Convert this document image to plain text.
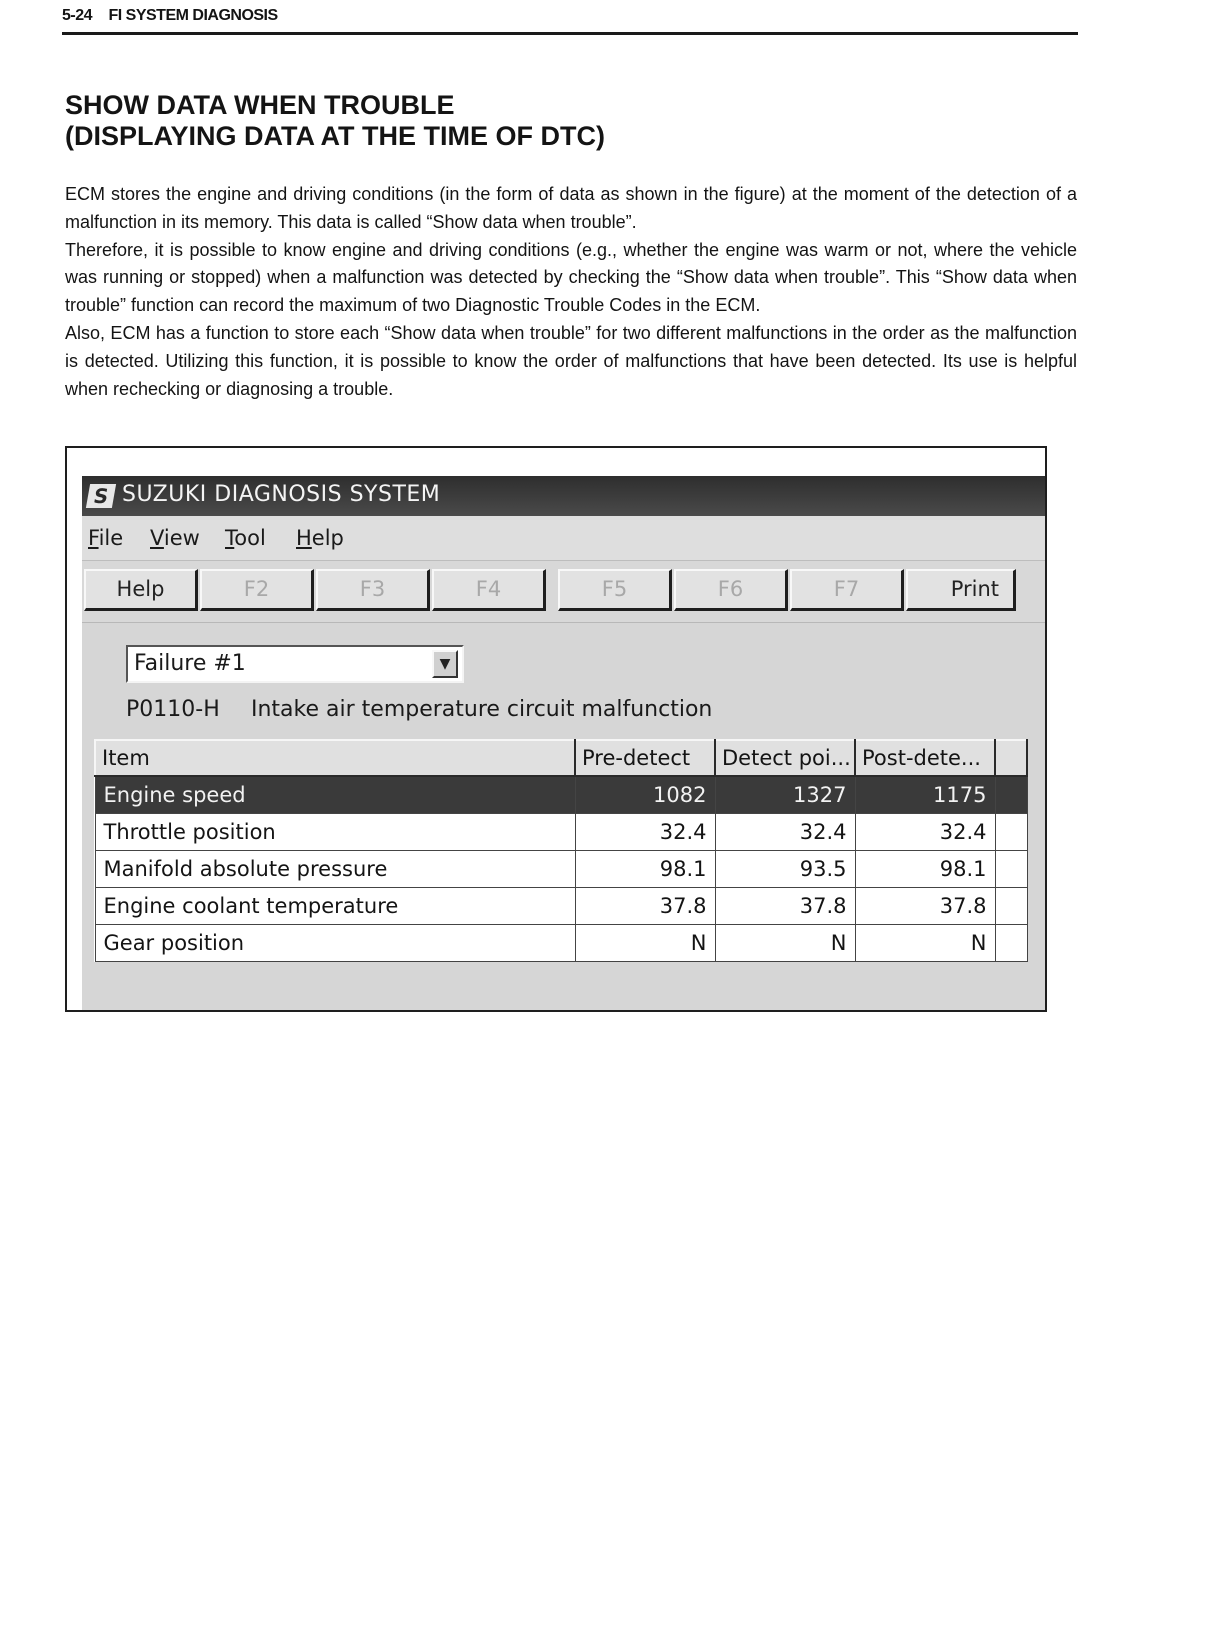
5-24 FI SYSTEM DIAGNOSIS
SHOW DATA WHEN TROUBLE
(DISPLAYING DATA AT THE TIME OF DTC)

ECM stores the engine and driving conditions (in the form of data as shown in the figure) at the moment of the detection of a malfunction in its memory. This data is called “Show data when trouble”.

Therefore, it is possible to know engine and driving conditions (e.g., whether the engine was warm or not, where the vehicle was running or stopped) when a malfunction was detected by checking the “Show data when trouble”. This “Show data when trouble” function can record the maximum of two Diagnostic Trouble Codes in the ECM.

Also, ECM has a function to store each “Show data when trouble” for two different malfunctions in the order as the malfunction is detected. Utilizing this function, it is possible to know the order of malfunctions that have been detected. Its use is helpful when rechecking or diagnosing a trouble.

S SUZUKI DIAGNOSIS SYSTEM
File View Tool Help
Help	F2	F3	F4	F5	F6	F7	Print
Failure #1	▼
P0110-H Intake air temperature circuit malfunction
Item	Pre-detect	Detect poi...	Post-dete...	
Engine speed	1082	1327	1175	
Throttle position	32.4	32.4	32.4	
Manifold absolute pressure	98.1	93.5	98.1	
Engine coolant temperature	37.8	37.8	37.8	
Gear position	N	N	N	
